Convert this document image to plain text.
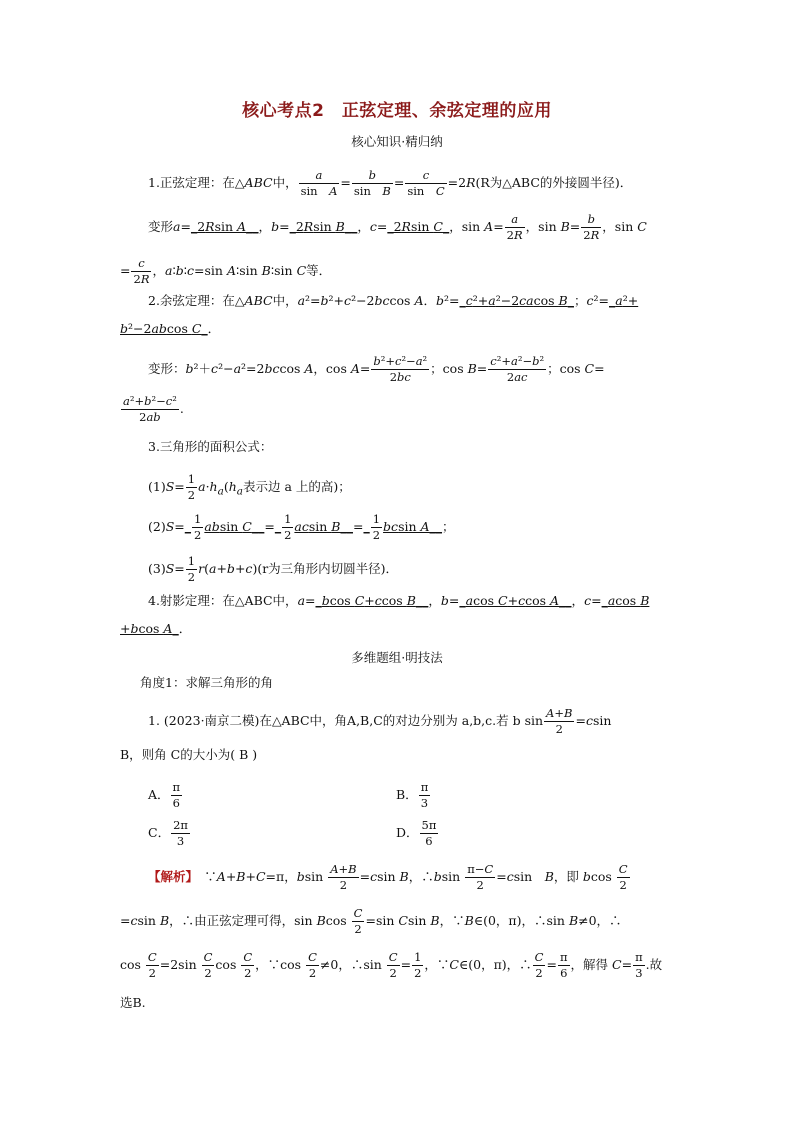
核心考点2　正弦定理、余弦定理的应用
核心知识·精归纳
1.正弦定理：在△ABC中， $\frac{a}{\text{sin　A}} = \frac{b}{\text{sin　B}} = \frac{c}{\text{sin　C}} =2R(R$为△ABC的外接圆半径)．
变形a=_2Rsin A__，b=_2Rsin B__，c=_2Rsin C_，$\sin A= \frac{a}{2R}$ ，$\sin B= \frac{b}{2R}$ ，sin C
= $\frac{c}{2R}$ ，a∶b∶c=sin A∶sin B∶sin C等．
2.余弦定理：在△ABC中，a²=b²+c²−2bccos A．b²=_c²+a²−2cacos B_；c²=_a²+
b²−2abcos C_．
变形：b²＋c²−a²=2bccos A，$\cos A= \frac{\text{b²+c²−a²}}{2bc}$ ；$\cos B= \frac{\text{c²+a²−b²}}{2ac}$ ；cos C=
$\frac{\text{a²+b²−c²}}{2ab}$ .
3.三角形的面积公式：
$(1)S= \frac{1}{2} a\cdot h_a(h_a$表示边 a 上的高)；
(2)S=_ $\frac{1}{2}$ absin C__=_ $\frac{1}{2}$ acsin B__=_ $\frac{1}{2}$ bcsin A__；
$(3)S= \frac{1}{2} r(a+b+c)(r$为三角形内切圆半径)．
4.射影定理：在△ABC中，a=_bcos C+ccos B__，b=_acos C+ccos A__，c=_acos B
+bcos A_．
多维题组·明技法
角度1：求解三角形的角
1. (2023·南京二模)在△ABC中，角A,B,C的对边分别为 a,b,c.若 b $\sin \frac{A+B}{2} =csin$
B，则角 C的大小为( B )
A． $\frac{\pi}{6}$	B． $\frac{\pi}{3}$
C． $\frac{2\pi}{3}$	D． $\frac{5\pi}{6}$
【解析】　∵A+B+C=π，bsin $\frac{A+B}{2} =csin$ B，∴bsin $\frac{\pi-C}{2} =csin$　B，即 bcos $\frac{C}{2}$
=csin B，∴由正弦定理可得，sin Bcos $\frac{C}{2} =\sin$ Csin B，∵B∈(0，π)，∴sin B≠0，∴
$\cos \frac{C}{2} =2\sin \frac{C}{2}$ $\cos \frac{C}{2}$ ，∵cos $\frac{C}{2} \ne 0$，∴sin $\frac{C}{2} = \frac{1}{2}$ ，∵C∈(0，π)，∴ $\frac{C}{2} = \frac{\pi}{6}$ ，解得 $C= \frac{\pi}{3}$ .故
选B.
